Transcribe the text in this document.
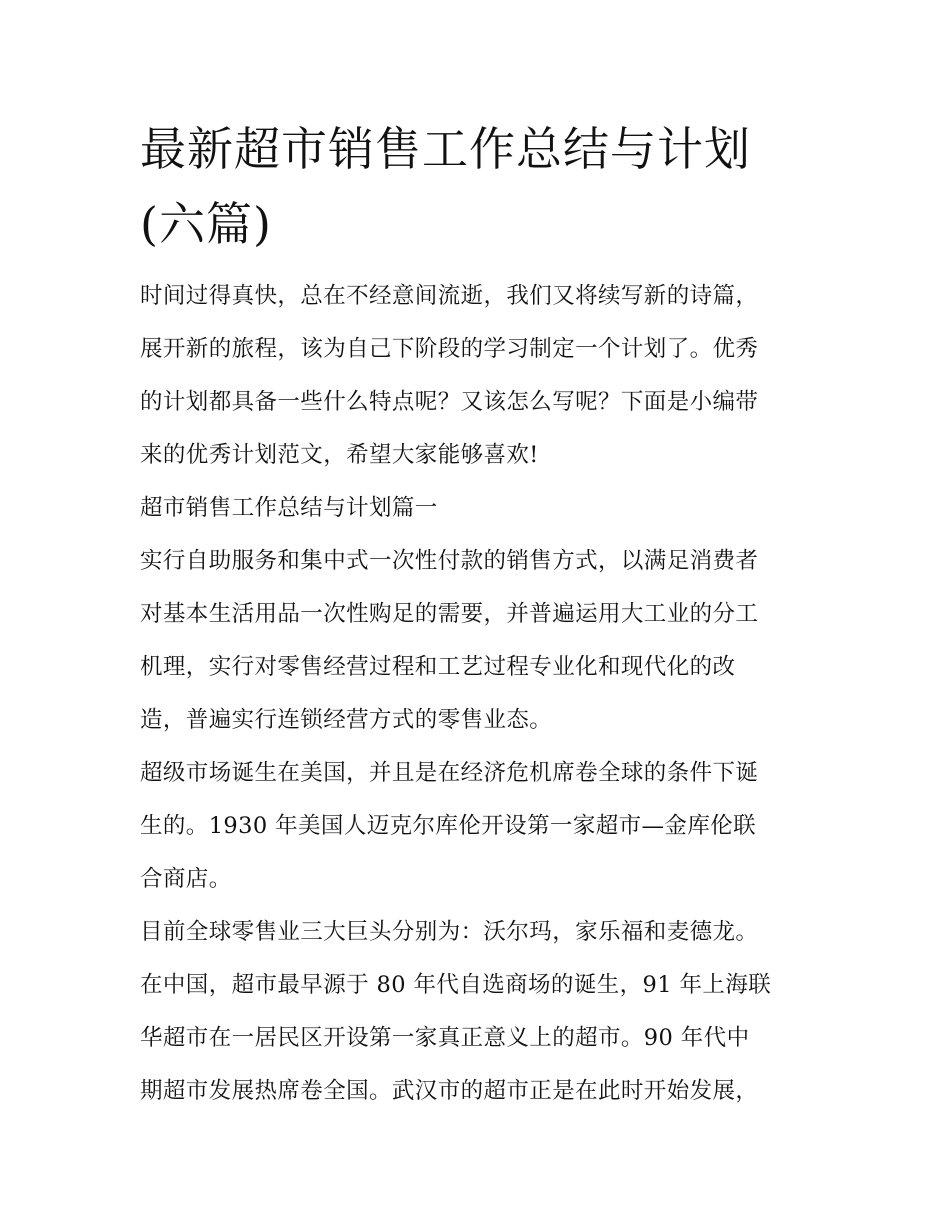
最新超市销售工作总结与计划
(六篇)
时间过得真快，总在不经意间流逝，我们又将续写新的诗篇，
展开新的旅程，该为自己下阶段的学习制定一个计划了。优秀
的计划都具备一些什么特点呢？又该怎么写呢？下面是小编带
来的优秀计划范文，希望大家能够喜欢!
超市销售工作总结与计划篇一
实行自助服务和集中式一次性付款的销售方式，以满足消费者
对基本生活用品一次性购足的需要，并普遍运用大工业的分工
机理，实行对零售经营过程和工艺过程专业化和现代化的改
造，普遍实行连锁经营方式的零售业态。
超级市场诞生在美国，并且是在经济危机席卷全球的条件下诞
生的。1930 年美国人迈克尔库伦开设第一家超市—金库伦联
合商店。
目前全球零售业三大巨头分别为：沃尔玛，家乐福和麦德龙。
在中国，超市最早源于 80 年代自选商场的诞生，91 年上海联
华超市在一居民区开设第一家真正意义上的超市。90 年代中
期超市发展热席卷全国。武汉市的超市正是在此时开始发展，
